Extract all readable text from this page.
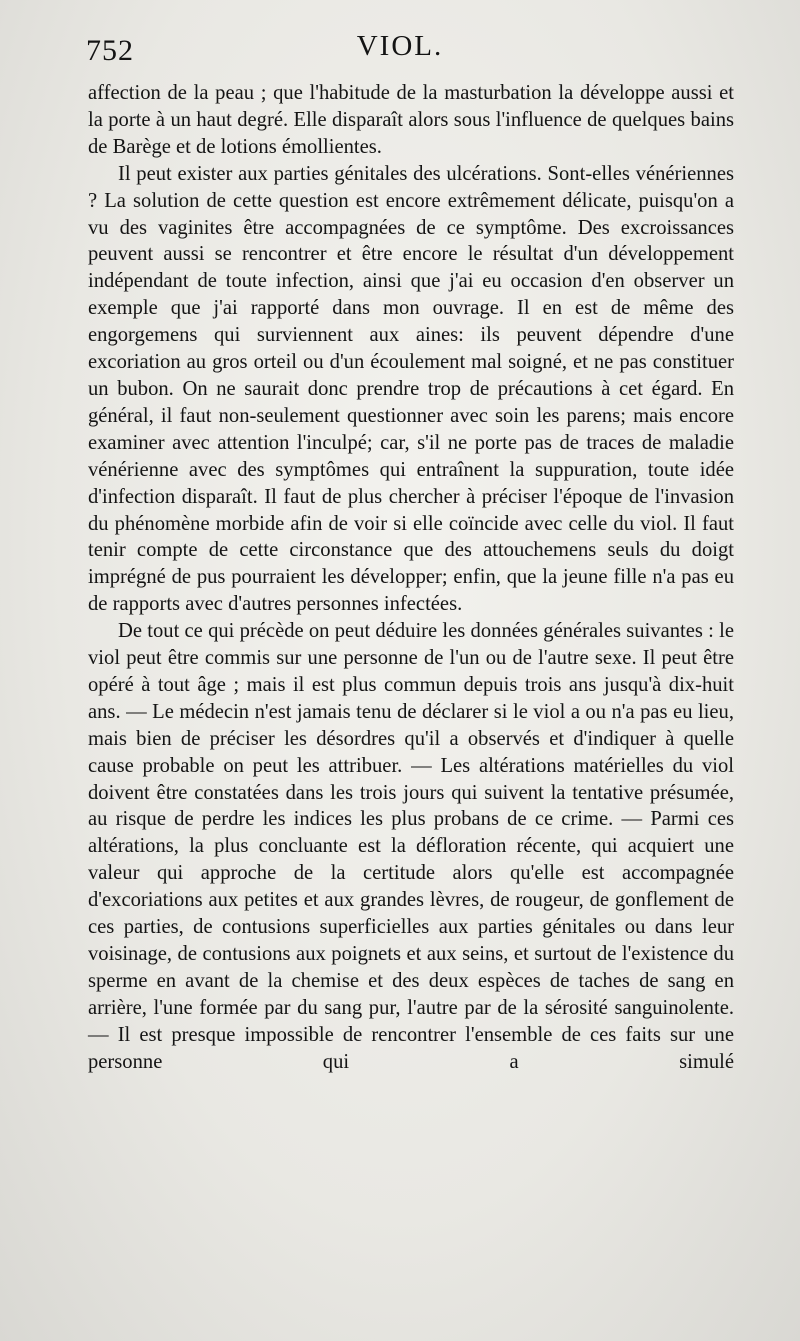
752	VIOL.

affection de la peau ; que l'habitude de la masturbation la développe aussi et la porte à un haut degré. Elle disparaît alors sous l'influence de quelques bains de Barège et de lotions émollientes.

Il peut exister aux parties génitales des ulcérations. Sont-elles vénériennes ? La solution de cette question est encore extrêmement délicate, puisqu'on a vu des vaginites être accompagnées de ce symptôme. Des excroissances peuvent aussi se rencontrer et être encore le résultat d'un développement indépendant de toute infection, ainsi que j'ai eu occasion d'en observer un exemple que j'ai rapporté dans mon ouvrage. Il en est de même des engorgemens qui surviennent aux aines: ils peuvent dépendre d'une excoriation au gros orteil ou d'un écoulement mal soigné, et ne pas constituer un bubon. On ne saurait donc prendre trop de précautions à cet égard. En général, il faut non-seulement questionner avec soin les parens; mais encore examiner avec attention l'inculpé; car, s'il ne porte pas de traces de maladie vénérienne avec des symptômes qui entraînent la suppuration, toute idée d'infection disparaît. Il faut de plus chercher à préciser l'époque de l'invasion du phénomène morbide afin de voir si elle coïncide avec celle du viol. Il faut tenir compte de cette circonstance que des attouchemens seuls du doigt imprégné de pus pourraient les développer; enfin, que la jeune fille n'a pas eu de rapports avec d'autres personnes infectées.

De tout ce qui précède on peut déduire les données générales suivantes : le viol peut être commis sur une personne de l'un ou de l'autre sexe. Il peut être opéré à tout âge ; mais il est plus commun depuis trois ans jusqu'à dix-huit ans. — Le médecin n'est jamais tenu de déclarer si le viol a ou n'a pas eu lieu, mais bien de préciser les désordres qu'il a observés et d'indiquer à quelle cause probable on peut les attribuer. — Les altérations matérielles du viol doivent être constatées dans les trois jours qui suivent la tentative présumée, au risque de perdre les indices les plus probans de ce crime. — Parmi ces altérations, la plus concluante est la défloration récente, qui acquiert une valeur qui approche de la certitude alors qu'elle est accompagnée d'excoriations aux petites et aux grandes lèvres, de rougeur, de gonflement de ces parties, de contusions superficielles aux parties génitales ou dans leur voisinage, de contusions aux poignets et aux seins, et surtout de l'existence du sperme en avant de la chemise et des deux espèces de taches de sang en arrière, l'une formée par du sang pur, l'autre par de la sérosité sanguinolente. — Il est presque impossible de rencontrer l'ensemble de ces faits sur une personne qui a simulé
